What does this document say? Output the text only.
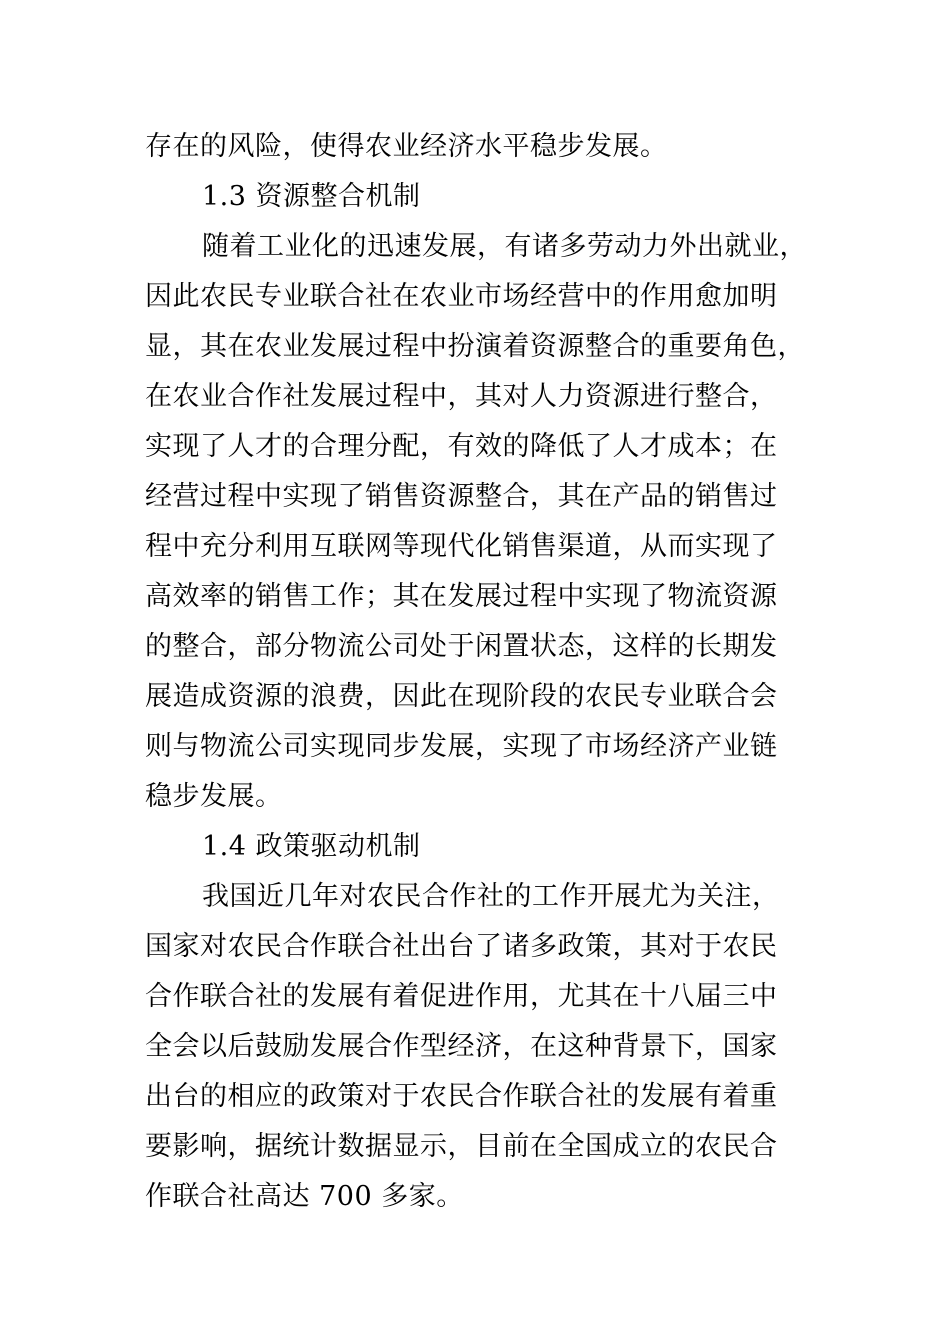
存在的风险，使得农业经济水平稳步发展。
1.3 资源整合机制
随着工业化的迅速发展，有诸多劳动力外出就业，
因此农民专业联合社在农业市场经营中的作用愈加明
显，其在农业发展过程中扮演着资源整合的重要角色，
在农业合作社发展过程中，其对人力资源进行整合，
实现了人才的合理分配，有效的降低了人才成本；在
经营过程中实现了销售资源整合，其在产品的销售过
程中充分利用互联网等现代化销售渠道，从而实现了
高效率的销售工作；其在发展过程中实现了物流资源
的整合，部分物流公司处于闲置状态，这样的长期发
展造成资源的浪费，因此在现阶段的农民专业联合会
则与物流公司实现同步发展，实现了市场经济产业链
稳步发展。
1.4 政策驱动机制
我国近几年对农民合作社的工作开展尤为关注，
国家对农民合作联合社出台了诸多政策，其对于农民
合作联合社的发展有着促进作用，尤其在十八届三中
全会以后鼓励发展合作型经济，在这种背景下，国家
出台的相应的政策对于农民合作联合社的发展有着重
要影响，据统计数据显示，目前在全国成立的农民合
作联合社高达 700 多家。
